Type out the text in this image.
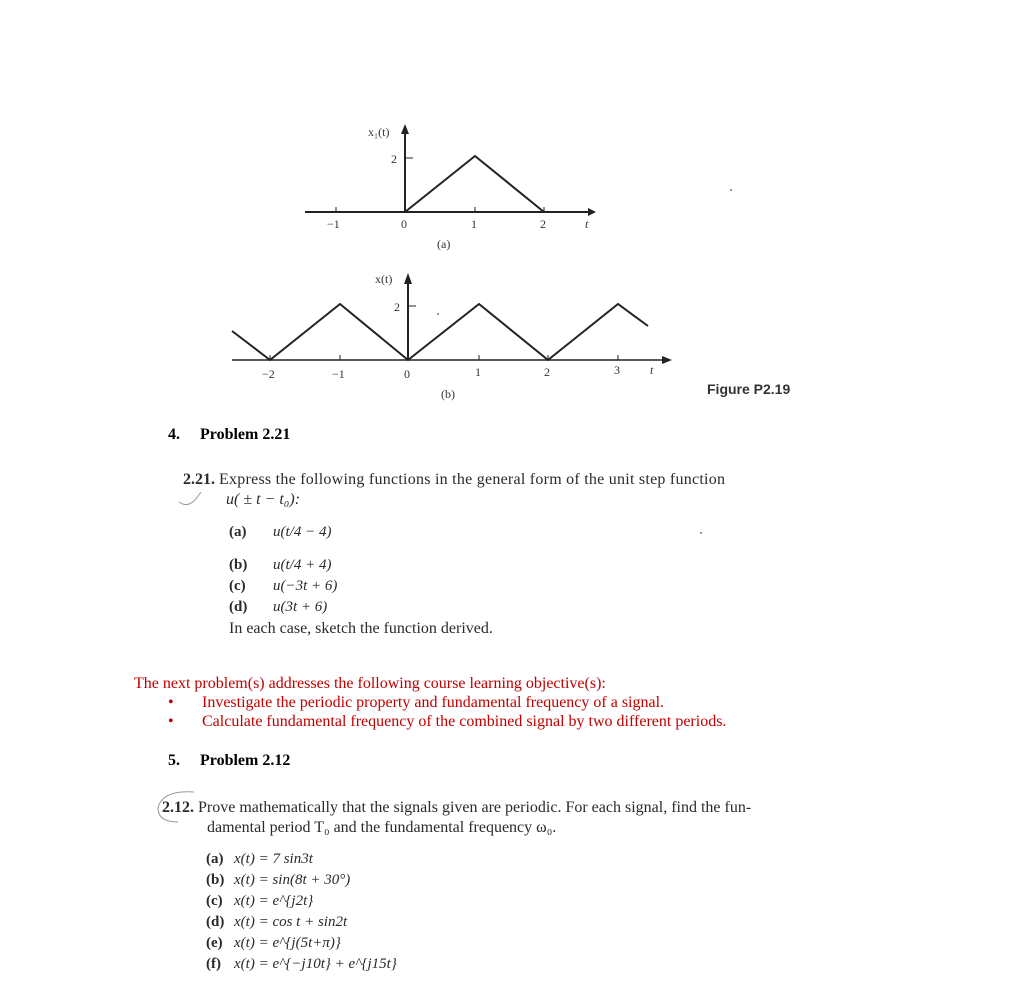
x₁(t)
2
−1	0	1	2	t
(a)
x(t)
2
−2	−1	0	1	2	3	t
(b)	Figure P2.19
4. Problem 2.21
2.21. Express the following functions in the general form of the unit step function
u( ± t − t₀):
(a) u(t/4 − 4)
(b) u(t/4 + 4)
(c) u(−3t + 6)
(d) u(3t + 6)
In each case, sketch the function derived.
The next problem(s) addresses the following course learning objective(s):
• Investigate the periodic property and fundamental frequency of a signal.
• Calculate fundamental frequency of the combined signal by two different periods.
5. Problem 2.12
2.12. Prove mathematically that the signals given are periodic. For each signal, find the fun-
damental period T₀ and the fundamental frequency ω₀.
(a) x(t) = 7 sin3t
(b) x(t) = sin(8t + 30°)
(c) x(t) = e^{j2t}
(d) x(t) = cos t + sin2t
(e) x(t) = e^{j(5t+π)}
(f) x(t) = e^{−j10t} + e^{j15t}
